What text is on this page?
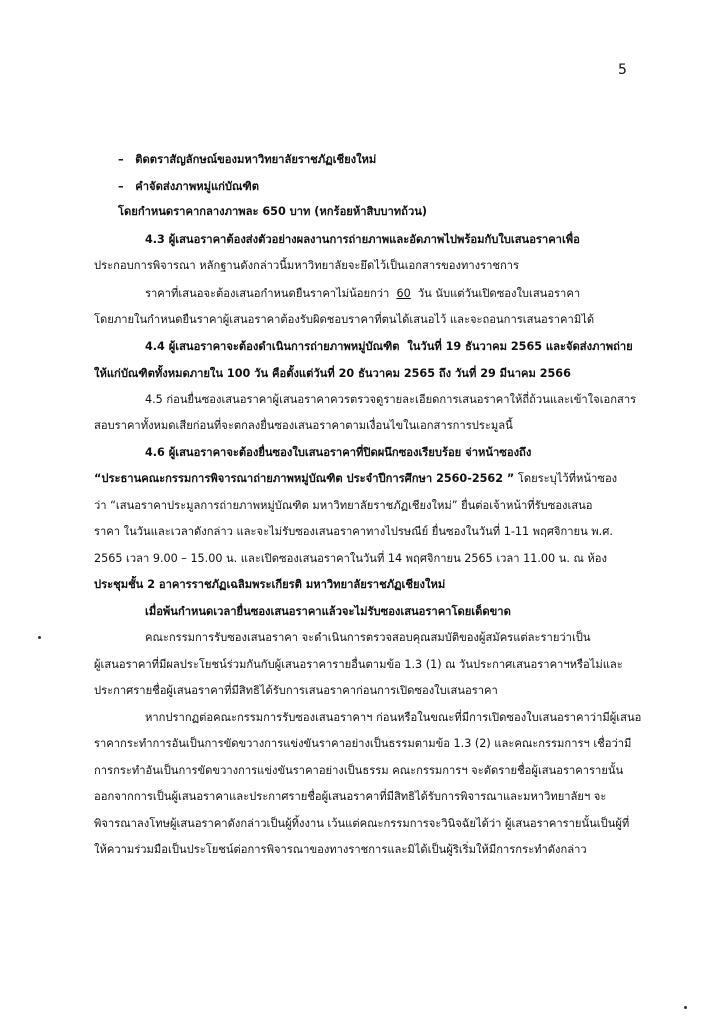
5
–   ติดตราสัญลักษณ์ของมหาวิทยาลัยราชภัฏเชียงใหม่
–   คำจัดส่งภาพหมู่แก่บัณฑิต
โดยกำหนดราคากลางภาพละ 650 บาท (หกร้อยห้าสิบบาทถ้วน)
4.3 ผู้เสนอราคาต้องส่งตัวอย่างผลงานการถ่ายภาพและอัดภาพไปพร้อมกับใบเสนอราคาเพื่อ
ประกอบการพิจารณา หลักฐานดังกล่าวนี้มหาวิทยาลัยจะยึดไว้เป็นเอกสารของทางราชการ
ราคาที่เสนอจะต้องเสนอกำหนดยืนราคาไม่น้อยกว่า 60 วัน นับแต่วันเปิดซองใบเสนอราคา
โดยภายในกำหนดยืนราคาผู้เสนอราคาต้องรับผิดชอบราคาที่ตนได้เสนอไว้ และจะถอนการเสนอราคามิได้
4.4 ผู้เสนอราคาจะต้องดำเนินการถ่ายภาพหมู่บัณฑิต ในวันที่ 19 ธันวาคม 2565 และจัดส่งภาพถ่าย
ให้แก่บัณฑิตทั้งหมดภายใน 100 วัน คือตั้งแต่วันที่ 20 ธันวาคม 2565 ถึง วันที่ 29 มีนาคม 2566
4.5 ก่อนยื่นซองเสนอราคาผู้เสนอราคาควรตรวจดูรายละเอียดการเสนอราคาให้ถี่ถ้วนและเข้าใจเอกสาร
สอบราคาทั้งหมดเสียก่อนที่จะตกลงยื่นซองเสนอราคาตามเงื่อนไขในเอกสารการประมูลนี้
4.6 ผู้เสนอราคาจะต้องยื่นซองใบเสนอราคาที่ปิดผนึกซองเรียบร้อย จ่าหน้าซองถึง
“ประธานคณะกรรมการพิจารณาถ่ายภาพหมู่บัณฑิต ประจำปีการศึกษา 2560-2562 ” โดยระบุไว้ที่หน้าซอง
ว่า “เสนอราคาประมูลการถ่ายภาพหมู่บัณฑิต มหาวิทยาลัยราชภัฏเชียงใหม่” ยื่นต่อเจ้าหน้าที่รับซองเสนอ
ราคา ในวันและเวลาดังกล่าว และจะไม่รับซองเสนอราคาทางไปรษณีย์ ยื่นซองในวันที่ 1-11 พฤศจิกายน พ.ศ.
2565 เวลา 9.00 – 15.00 น. และเปิดซองเสนอราคาในวันที่ 14 พฤศจิกายน 2565 เวลา 11.00 น. ณ ห้อง
ประชุมชั้น 2 อาคารราชภัฏเฉลิมพระเกียรติ มหาวิทยาลัยราชภัฏเชียงใหม่
เมื่อพ้นกำหนดเวลายื่นซองเสนอราคาแล้วจะไม่รับซองเสนอราคาโดยเด็ดขาด
คณะกรรมการรับซองเสนอราคา จะดำเนินการตรวจสอบคุณสมบัติของผู้สมัครแต่ละรายว่าเป็น
ผู้เสนอราคาที่มีผลประโยชน์ร่วมกันกับผู้เสนอราคารายอื่นตามข้อ 1.3 (1) ณ วันประกาศเสนอราคาฯหรือไม่และ
ประกาศรายชื่อผู้เสนอราคาที่มีสิทธิได้รับการเสนอราคาก่อนการเปิดซองใบเสนอราคา
หากปรากฏต่อคณะกรรมการรับซองเสนอราคาฯ ก่อนหรือในขณะที่มีการเปิดซองใบเสนอราคาว่ามีผู้เสนอ
ราคากระทำการอันเป็นการขัดขวางการแข่งขันราคาอย่างเป็นธรรมตามข้อ 1.3 (2) และคณะกรรมการฯ เชื่อว่ามี
การกระทำอันเป็นการขัดขวางการแข่งขันราคาอย่างเป็นธรรม คณะกรรมการฯ จะตัดรายชื่อผู้เสนอราคารายนั้น
ออกจากการเป็นผู้เสนอราคาและประกาศรายชื่อผู้เสนอราคาที่มีสิทธิได้รับการพิจารณาและมหาวิทยาลัยฯ จะ
พิจารณาลงโทษผู้เสนอราคาดังกล่าวเป็นผู้ทิ้งงาน เว้นแต่คณะกรรมการจะวินิจฉัยได้ว่า ผู้เสนอราคารายนั้นเป็นผู้ที่
ให้ความร่วมมือเป็นประโยชน์ต่อการพิจารณาของทางราชการและมิได้เป็นผู้ริเริ่มให้มีการกระทำดังกล่าว
